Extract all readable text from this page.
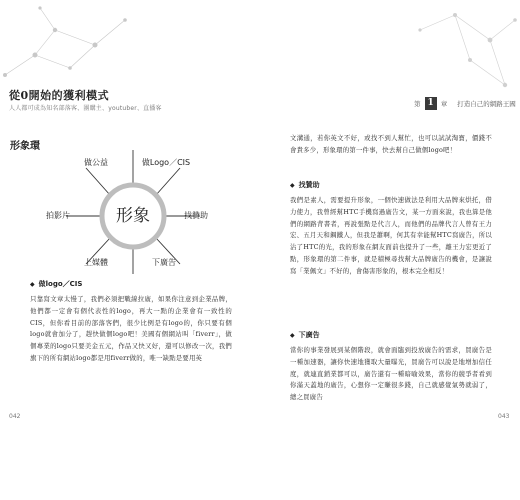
從0開始的獲利模式
人人都可成為知名部落客、團購主、youtuber、直播客
形象環
形象
做公益	做Logo／CIS
找贊助
下廣告
上媒體
拍影片
◆ 做logo／CIS

只靠寫文章太慢了，我們必須把戰線拉廣，如果你注意到企業品牌，他們都一定會有個代表性的logo，再大一點的企業會有一致性的CIS，但你看目前的部落客們，很少比例是有logo的，你只要有個logo就會加分了，趕快做個logo吧！美國有個網站叫「fiverr」，做個專業的logo只要美金五元，作品又快又好，還可以修改一次，我們旗下的所有網站logo都是用fiverr做的，唯一缺點是要用英

042
第 1	章 打造自己的網路王國

文溝通，若你英文不好，或找不到人幫忙，也可以試試淘寶，價錢不會貴多少，形象環的第一件事，快去幫自己做個logo吧！

◆ 找贊助

我們是素人，需要提升形象，一個快速做法是利用大品牌來烘托，借力使力，我曾經幫HTC手機寫過廣告文，某一方面來說，我也算是他們的網路背書者，再說張點是代言人，而他們的品牌代言人曾有王力宏、五月天和鋼鐵人，但我是蕭啊，何其有幸能幫HTC寫廣告，所以沾了HTC的光，我的形象在網友面前也提升了一些，離王力宏更近了點，形象環的第二件事，就是積極尋找幫大品牌廣告的機會，是讓說寫「業佩文」不好的，會傷害形象的，根本完全相反！

◆ 下廣告

當你的事業發展到某個階段，就會面臨到投放廣告的需求，買廣告是一種加速器，讓你快速地獲取大量曝光，買廣告可以說是地增加信任度，就連直銷業都可以，廣告還有一種暗喻效果，當你的競爭者看到你滿天蓋地的廣告，心想你一定賺很多錢，自己就感覺氣勢就弱了，總之買廣告

043
